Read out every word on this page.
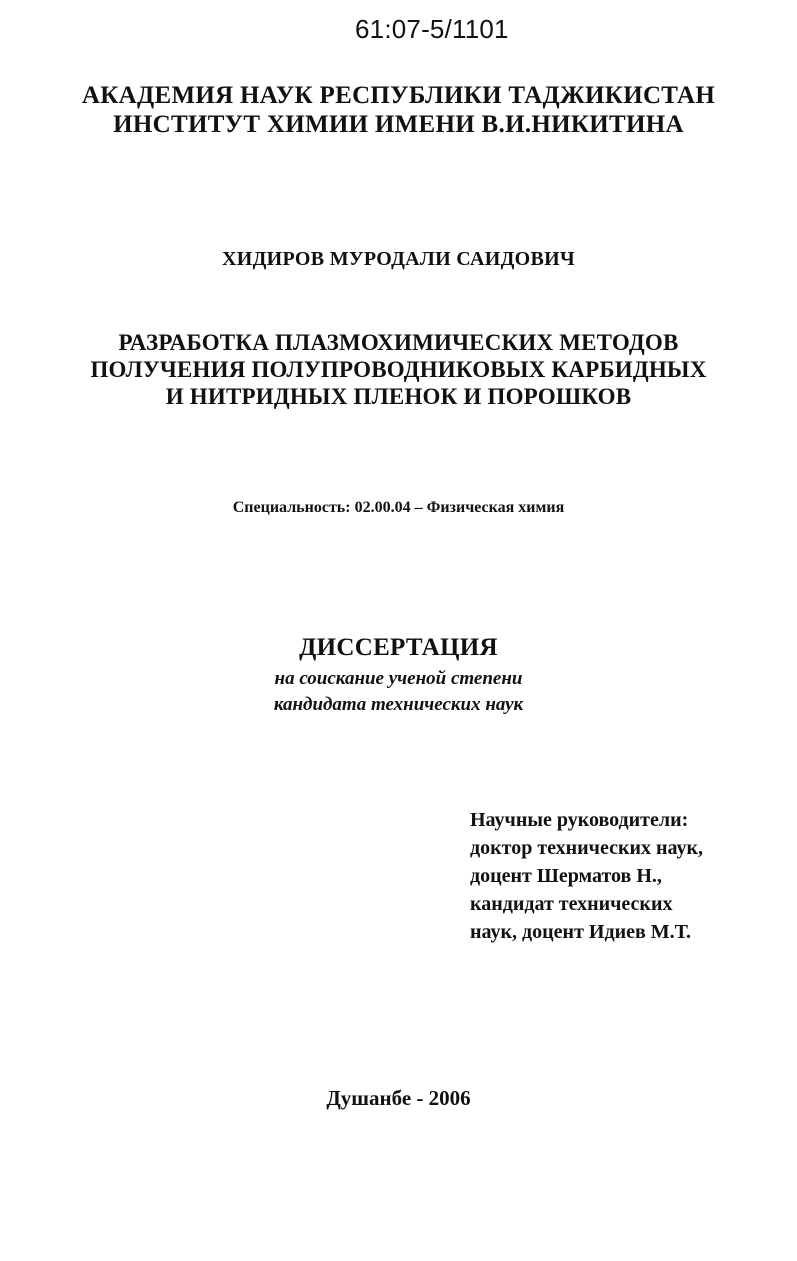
61:07-5/1101
АКАДЕМИЯ НАУК РЕСПУБЛИКИ ТАДЖИКИСТАН
ИНСТИТУТ ХИМИИ ИМЕНИ В.И.НИКИТИНА
ХИДИРОВ МУРОДАЛИ САИДОВИЧ
РАЗРАБОТКА ПЛАЗМОХИМИЧЕСКИХ МЕТОДОВ
ПОЛУЧЕНИЯ ПОЛУПРОВОДНИКОВЫХ КАРБИДНЫХ
И НИТРИДНЫХ ПЛЕНОК И ПОРОШКОВ
Специальность: 02.00.04 – Физическая химия
ДИССЕРТАЦИЯ
на соискание ученой степени
кандидата технических наук
Научные руководители:
доктор технических наук,
доцент Шерматов Н.,
кандидат технических
наук, доцент Идиев М.Т.
Душанбе - 2006
